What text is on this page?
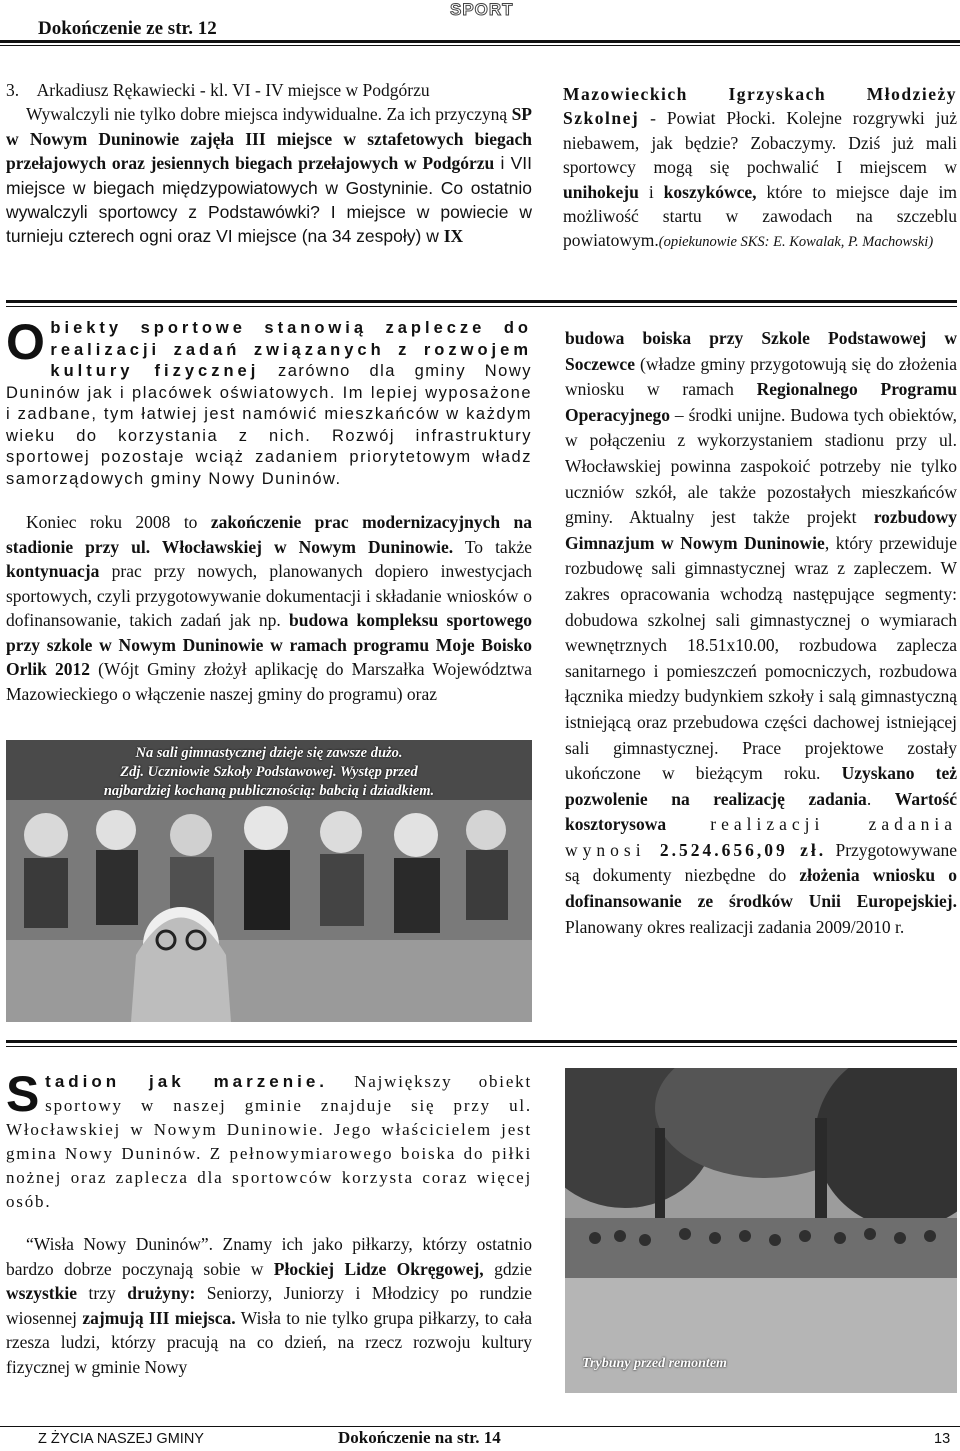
Dokończenie ze str. 12
SPORT

3. Arkadiusz Rękawiecki - kl. VI - IV miejsce w Podgórzu

Wywalczyli nie tylko dobre miejsca indywidualne. Za ich przyczyną SP w Nowym Duninowie zajęła III miejsce w sztafetowych biegach przełajowych oraz jesiennych biegach przełajowych w Podgórzu i VII miejsce w biegach międzypowiatowych w Gostyninie. Co ostatnio wywalczyli sportowcy z Podstawówki? I miejsce w powiecie w turnieju czterech ogni oraz VI miejsce (na 34 zespoły) w IX

Mazowieckich Igrzyskach Młodzieży Szkolnej - Powiat Płocki. Kolejne rozgrywki już niebawem, jak będzie? Zobaczymy. Dziś już mali sportowcy mogą się pochwalić I miejscem w unihokeju i koszykówce, które to miejsce daje im możliwość startu w zawodach na szczeblu powiatowym.(opiekunowie SKS: E. Kowalak, P. Machowski)
Obiekty sportowe stanowią zaplecze do realizacji zadań związanych z rozwojem kultury fizycznej zarówno dla gminy Nowy Duninów jak i placówek oświatowych. Im lepiej wyposażone i zadbane, tym łatwiej jest namówić mieszkańców w każdym wieku do korzystania z nich. Rozwój infrastruktury sportowej pozostaje wciąż zadaniem priorytetowym władz samorządowych gminy Nowy Duninów.

Koniec roku 2008 to zakończenie prac modernizacyjnych na stadionie przy ul. Włocławskiej w Nowym Duninowie. To także kontynuacja prac przy nowych, planowanych dopiero inwestycjach sportowych, czyli przygotowywanie dokumentacji i składanie wniosków o dofinansowanie, takich zadań jak np. budowa kompleksu sportowego przy szkole w Nowym Duninowie w ramach programu Moje Boisko Orlik 2012 (Wójt Gminy złożył aplikację do Marszałka Województwa Mazowieckiego o włączenie naszej gminy do programu) oraz

Na sali gimnastycznej dzieje się zawsze dużo.
Zdj. Uczniowie Szkoły Podstawowej. Występ przed
najbardziej kochaną publicznością: babcią i dziadkiem.
budowa boiska przy Szkole Podstawowej w Soczewce (władze gminy przygotowują się do złożenia wniosku w ramach Regionalnego Programu Operacyjnego – środki unijne. Budowa tych obiektów, w połączeniu z wykorzystaniem stadionu przy ul. Włocławskiej powinna zaspokoić potrzeby nie tylko uczniów szkół, ale także pozostałych mieszkańców gminy. Aktualny jest także projekt rozbudowy Gimnazjum w Nowym Duninowie, który przewiduje rozbudowę sali gimnastycznej wraz z zapleczem. W zakres opracowania wchodzą następujące segmenty: dobudowa szkolnej sali gimnastycznej o wymiarach wewnętrznych 18.51x10.00, rozbudowa zaplecza sanitarnego i pomieszczeń pomocniczych, rozbudowa łącznika miedzy budynkiem szkoły i salą gimnastyczną istniejącą oraz przebudowa części dachowej istniejącej sali gimnastycznej. Prace projektowe zostały ukończone w bieżącym roku. Uzyskano też pozwolenie na realizację zadania. Wartość kosztorysowa realizacji zadania wynosi 2.524.656,09 zł. Przygotowywane są dokumenty niezbędne do złożenia wniosku o dofinansowanie ze środków Unii Europejskiej. Planowany okres realizacji zadania 2009/2010 r.
Stadion jak marzenie. Największy obiekt sportowy w naszej gminie znajduje się przy ul. Włocławskiej w Nowym Duninowie. Jego właścicielem jest gmina Nowy Duninów. Z pełnowymiarowego boiska do piłki nożnej oraz zaplecza dla sportowców korzysta coraz więcej osób.

“Wisła Nowy Duninów”. Znamy ich jako piłkarzy, którzy ostatnio bardzo dobrze poczynają sobie w Płockiej Lidze Okręgowej, gdzie wszystkie trzy drużyny: Seniorzy, Juniorzy i Młodzicy po rundzie wiosennej zajmują III miejsca. Wisła to nie tylko grupa piłkarzy, to cała rzesza ludzi, którzy pracują na co dzień, na rzecz rozwoju kultury fizycznej w gminie Nowy

Dokończenie na str. 14
Trybuny przed remontem
Z ŻYCIA NASZEJ GMINY	13
